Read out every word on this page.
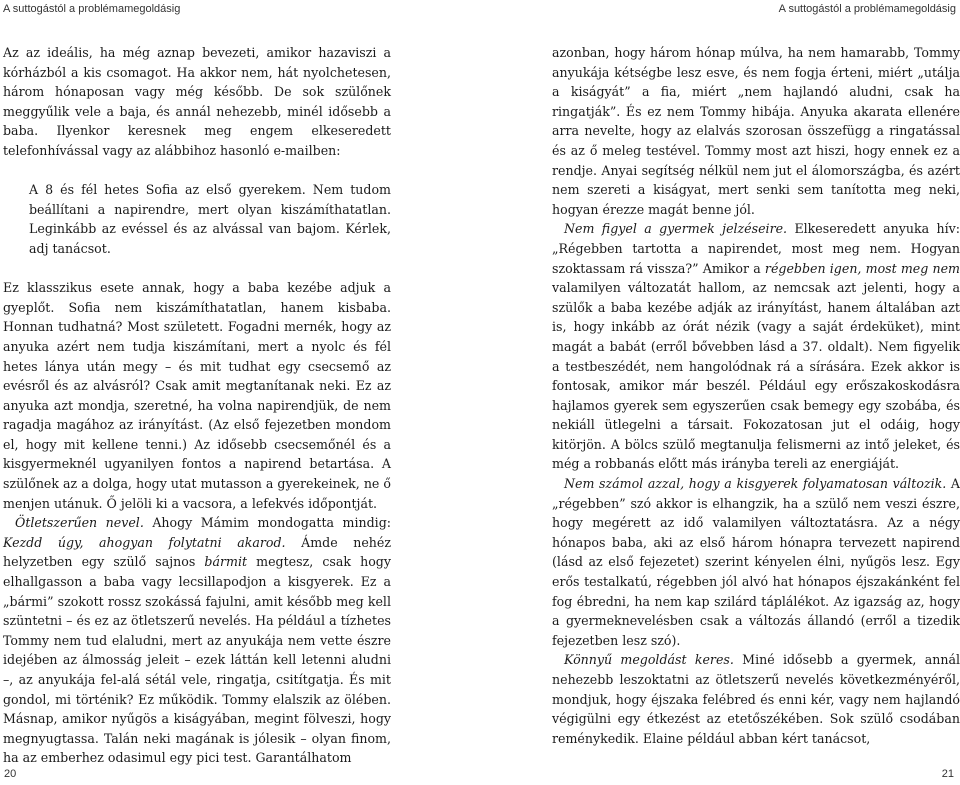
A suttogástól a problémamegoldásig	A suttogástól a problémamegoldásig

Az az ideális, ha még aznap bevezeti, amikor hazaviszi a kórházból a kis csomagot. Ha akkor nem, hát nyolchetesen, három hónaposan vagy még később. De sok szülőnek meggyűlik vele a baja, és annál nehezebb, minél idősebb a baba. Ilyenkor keresnek meg engem elkeseredett telefonhívással vagy az alábbihoz hasonló e-mailben:

A 8 és fél hetes Sofia az első gyerekem. Nem tudom beállítani a napirendre, mert olyan kiszámíthatatlan. Leginkább az evéssel és az alvással van bajom. Kérlek, adj tanácsot.

Ez klasszikus esete annak, hogy a baba kezébe adjuk a gyeplőt. Sofia nem kiszámíthatatlan, hanem kisbaba. Honnan tudhatná? Most született. Fogadni mernék, hogy az anyuka azért nem tudja kiszámítani, mert a nyolc és fél hetes lánya után megy – és mit tudhat egy csecsemő az evésről és az alvásról? Csak amit megtanítanak neki. Ez az anyuka azt mondja, szeretné, ha volna napirendjük, de nem ragadja magához az irányítást. (Az első fejezetben mondom el, hogy mit kellene tenni.) Az idősebb csecsemőnél és a kisgyermeknél ugyanilyen fontos a napirend betartása. A szülőnek az a dolga, hogy utat mutasson a gyerekeinek, ne ő menjen utánuk. Ő jelöli ki a vacsora, a lefekvés időpontját.

Ötletszerűen nevel. Ahogy Mámim mondogatta mindig: Kezdd úgy, ahogyan folytatni akarod. Ámde nehéz helyzetben egy szülő sajnos bármit megtesz, csak hogy elhallgasson a baba vagy lecsillapodjon a kisgyerek. Ez a „bármi” szokott rossz szokássá fajulni, amit később meg kell szüntetni – és ez az ötletszerű nevelés. Ha például a tízhetes Tommy nem tud elaludni, mert az anyukája nem vette észre idejében az álmosság jeleit – ezek láttán kell letenni aludni –, az anyukája fel-alá sétál vele, ringatja, csitítgatja. És mit gondol, mi történik? Ez működik. Tommy elalszik az ölében. Másnap, amikor nyűgös a kiságyában, megint fölveszi, hogy megnyugtassa. Talán neki magának is jólesik – olyan finom, ha az emberhez odasimul egy pici test. Garantálhatom

azonban, hogy három hónap múlva, ha nem hamarabb, Tommy anyukája kétségbe lesz esve, és nem fogja érteni, miért „utálja a kiságyát” a fia, miért „nem hajlandó aludni, csak ha ringatják”. És ez nem Tommy hibája. Anyuka akarata ellenére arra nevelte, hogy az elalvás szorosan összefügg a ringatással és az ő meleg testével. Tommy most azt hiszi, hogy ennek ez a rendje. Anyai segítség nélkül nem jut el álomországba, és azért nem szereti a kiságyat, mert senki sem tanította meg neki, hogyan érezze magát benne jól.

Nem figyel a gyermek jelzéseire. Elkeseredett anyuka hív: „Régebben tartotta a napirendet, most meg nem. Hogyan szoktassam rá vissza?” Amikor a régebben igen, most meg nem valamilyen változatát hallom, az nemcsak azt jelenti, hogy a szülők a baba kezébe adják az irányítást, hanem általában azt is, hogy inkább az órát nézik (vagy a saját érdeküket), mint magát a babát (erről bővebben lásd a 37. oldalt). Nem figyelik a testbeszédét, nem hangolódnak rá a sírására. Ezek akkor is fontosak, amikor már beszél. Például egy erőszakoskodásra hajlamos gyerek sem egyszerűen csak bemegy egy szobába, és nekiáll ütlegelni a társait. Fokozatosan jut el odáig, hogy kitörjön. A bölcs szülő megtanulja felismerni az intő jeleket, és még a robbanás előtt más irányba tereli az energiáját.

Nem számol azzal, hogy a kisgyerek folyamatosan változik. A „régebben” szó akkor is elhangzik, ha a szülő nem veszi észre, hogy megérett az idő valamilyen változtatásra. Az a négy hónapos baba, aki az első három hónapra tervezett napirend (lásd az első fejezetet) szerint kényelen élni, nyűgös lesz. Egy erős testalkatú, régebben jól alvó hat hónapos éjszakánként fel fog ébredni, ha nem kap szilárd táplálékot. Az igazság az, hogy a gyermeknevelésben csak a változás állandó (erről a tizedik fejezetben lesz szó).

Könnyű megoldást keres. Miné idősebb a gyermek, annál nehezebb leszoktatni az ötletszerű nevelés következményéről, mondjuk, hogy éjszaka felébred és enni kér, vagy nem hajlandó végigülni egy étkezést az etetőszékében. Sok szülő csodában reménykedik. Elaine például abban kért tanácsot,

20	21
